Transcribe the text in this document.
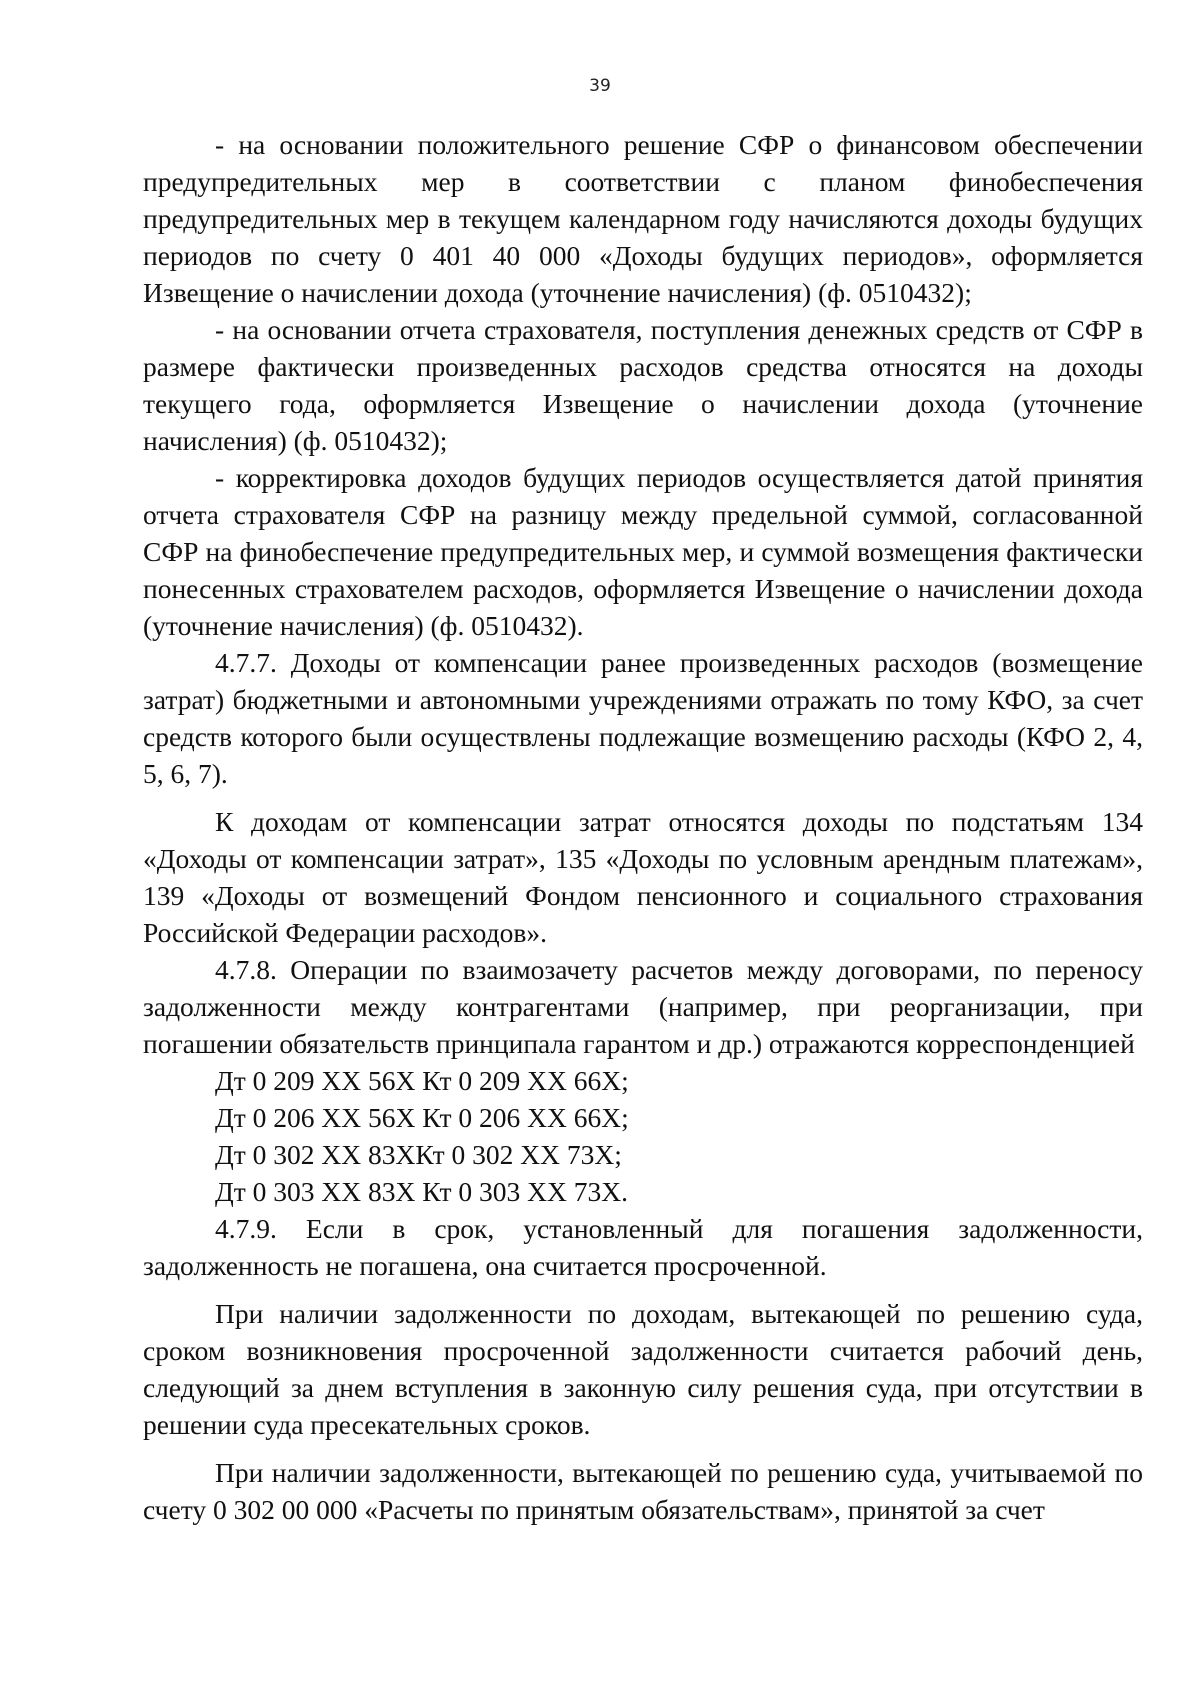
39

- на основании положительного решение СФР о финансовом обеспечении предупредительных мер в соответствии с планом финобеспечения предупредительных мер в текущем календарном году начисляются доходы будущих периодов по счету 0 401 40 000 «Доходы будущих периодов», оформляется Извещение о начислении дохода (уточнение начисления) (ф. 0510432);

- на основании отчета страхователя, поступления денежных средств от СФР в размере фактически произведенных расходов средства относятся на доходы текущего года, оформляется Извещение о начислении дохода (уточнение начисления) (ф. 0510432);

- корректировка доходов будущих периодов осуществляется датой принятия отчета страхователя СФР на разницу между предельной суммой, согласованной СФР на финобеспечение предупредительных мер, и суммой возмещения фактически понесенных страхователем расходов, оформляется Извещение о начислении дохода (уточнение начисления) (ф. 0510432).

4.7.7. Доходы от компенсации ранее произведенных расходов (возмещение затрат) бюджетными и автономными учреждениями отражать по тому КФО, за счет средств которого были осуществлены подлежащие возмещению расходы (КФО 2, 4, 5, 6, 7).

К доходам от компенсации затрат относятся доходы по подстатьям 134 «Доходы от компенсации затрат», 135 «Доходы по условным арендным платежам», 139 «Доходы от возмещений Фондом пенсионного и социального страхования Российской Федерации расходов».

4.7.8. Операции по взаимозачету расчетов между договорами, по переносу задолженности между контрагентами (например, при реорганизации, при погашении обязательств принципала гарантом и др.) отражаются корреспонденцией

Дт 0 209 ХХ 56Х Кт 0 209 ХХ 66Х;

Дт 0 206 ХХ 56Х Кт 0 206 ХХ 66Х;

Дт 0 302 ХХ 83ХКт 0 302 ХХ 73Х;

Дт 0 303 ХХ 83Х Кт 0 303 ХХ 73Х.

4.7.9. Если в срок, установленный для погашения задолженности, задолженность не погашена, она считается просроченной.

При наличии задолженности по доходам, вытекающей по решению суда, сроком возникновения просроченной задолженности считается рабочий день, следующий за днем вступления в законную силу решения суда, при отсутствии в решении суда пресекательных сроков.

При наличии задолженности, вытекающей по решению суда, учитываемой по счету 0 302 00 000 «Расчеты по принятым обязательствам», принятой за счет
